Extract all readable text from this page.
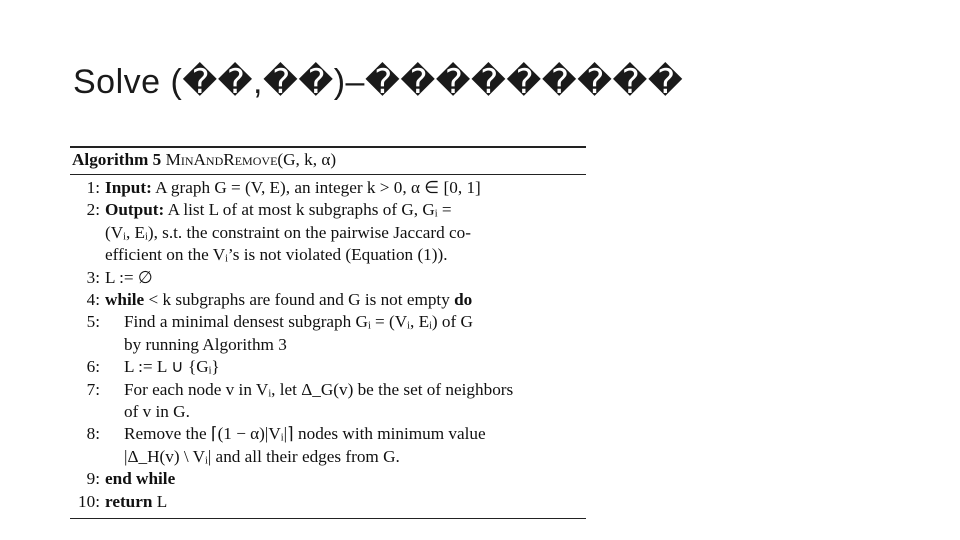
Solve (��,��)–���������
Algorithm 5 MinAndRemove(G, k, α)
1: Input: A graph G = (V, E), an integer k > 0, α ∈ [0, 1]
2: Output: A list L of at most k subgraphs of G, Gᵢ =
(Vᵢ, Eᵢ), s.t. the constraint on the pairwise Jaccard co-
efficient on the Vᵢ’s is not violated (Equation (1)).
3: L := ∅
4: while < k subgraphs are found and G is not empty do
5: Find a minimal densest subgraph Gᵢ = (Vᵢ, Eᵢ) of G
by running Algorithm 3
6: L := L ∪ {Gᵢ}
7: For each node v in Vᵢ, let Δ_G(v) be the set of neighbors
of v in G.
8: Remove the ⌈(1 − α)|Vᵢ|⌉ nodes with minimum value
|Δ_H(v) \ Vᵢ| and all their edges from G.
9: end while
10: return L
